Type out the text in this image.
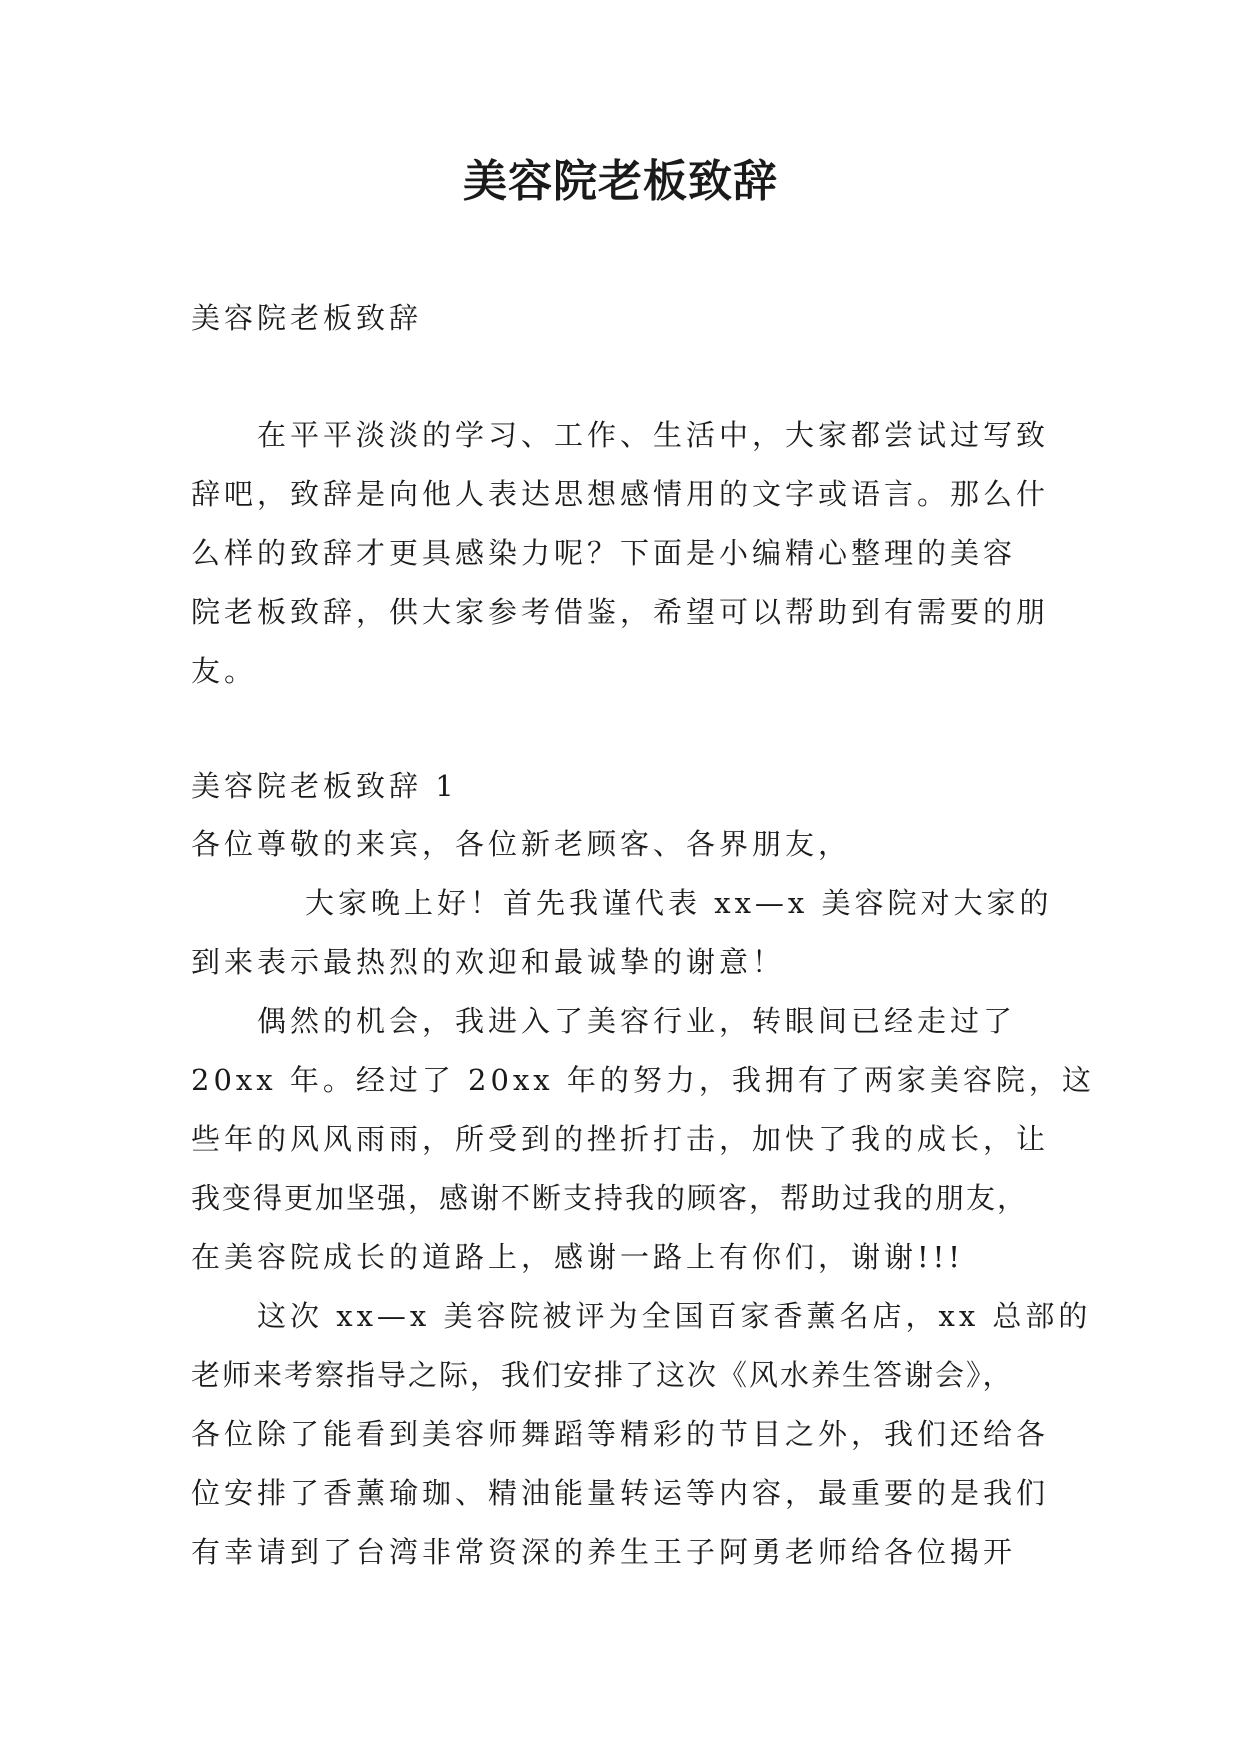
美容院老板致辞
美容院老板致辞
在平平淡淡的学习、工作、生活中，大家都尝试过写致
辞吧，致辞是向他人表达思想感情用的文字或语言。那么什
么样的致辞才更具感染力呢？下面是小编精心整理的美容
院老板致辞，供大家参考借鉴，希望可以帮助到有需要的朋
友。
美容院老板致辞 1
各位尊敬的来宾，各位新老顾客、各界朋友，
大家晚上好！首先我谨代表 xx—x 美容院对大家的
到来表示最热烈的欢迎和最诚挚的谢意！
偶然的机会，我进入了美容行业，转眼间已经走过了
20xx 年。经过了 20xx 年的努力，我拥有了两家美容院，这
些年的风风雨雨，所受到的挫折打击，加快了我的成长，让
我变得更加坚强，感谢不断支持我的顾客，帮助过我的朋友，
在美容院成长的道路上，感谢一路上有你们，谢谢!!!
这次 xx—x 美容院被评为全国百家香薰名店，xx 总部的
老师来考察指导之际，我们安排了这次《风水养生答谢会》，
各位除了能看到美容师舞蹈等精彩的节目之外，我们还给各
位安排了香薰瑜珈、精油能量转运等内容，最重要的是我们
有幸请到了台湾非常资深的养生王子阿勇老师给各位揭开
